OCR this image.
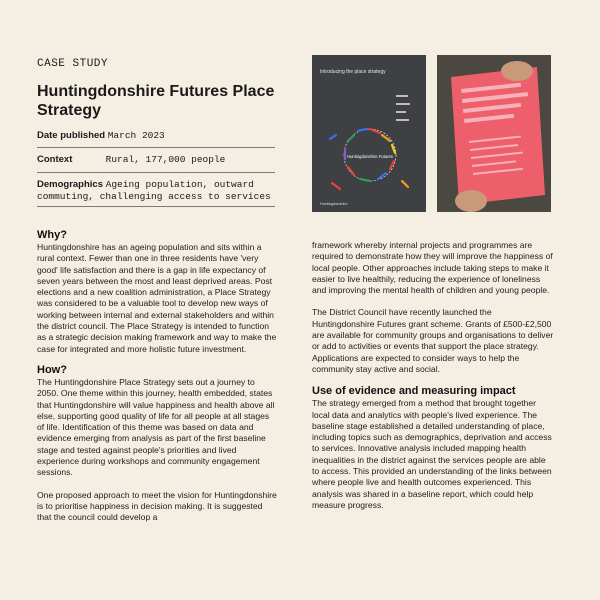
CASE STUDY
Huntingdonshire Futures Place Strategy
Date published March 2023
Context	Rural, 177,000 people
Demographics Ageing population, outward commuting, challenging access to services
Introducing the place strategy
Huntingdonshire Futures
Huntingdonshire
Why?

Huntingdonshire has an ageing population and sits within a rural context. Fewer than one in three residents have 'very good' life satisfaction and there is a gap in life expectancy of seven years between the most and least deprived areas. Post elections and a new coalition administration, a Place Strategy was considered to be a valuable tool to develop new ways of working between internal and external stakeholders and within the district council. The Place Strategy is intended to function as a strategic decision making framework and way to make the case for integrated and more holistic future investment.

How?

The Huntingdonshire Place Strategy sets out a journey to 2050. One theme within this journey, health embedded, states that Huntingdonshire will value happiness and health above all else, supporting good quality of life for all people at all stages of life. Identification of this theme was based on data and evidence emerging from analysis as part of the first baseline stage and tested against people's priorities and lived experience during workshops and community engagement sessions.

One proposed approach to meet the vision for Huntingdonshire is to prioritise happiness in decision making. It is suggested that the council could develop a

framework whereby internal projects and programmes are required to demonstrate how they will improve the happiness of local people. Other approaches include taking steps to make it easier to live healthily, reducing the experience of loneliness and improving the mental health of children and young people.

The District Council have recently launched the Huntingdonshire Futures grant scheme. Grants of £500-£2,500 are available for community groups and organisations to deliver or add to activities or events that support the place strategy. Applications are expected to consider ways to help the community stay active and social.

Use of evidence and measuring impact

The strategy emerged from a method that brought together local data and analytics with people's lived experience. The baseline stage established a detailed understanding of place, including topics such as demographics, deprivation and access to services. Innovative analysis included mapping health inequalities in the district against the services people are able to access. This provided an understanding of the links between where people live and health outcomes experienced. This analysis was shared in a baseline report, which could help measure progress.
